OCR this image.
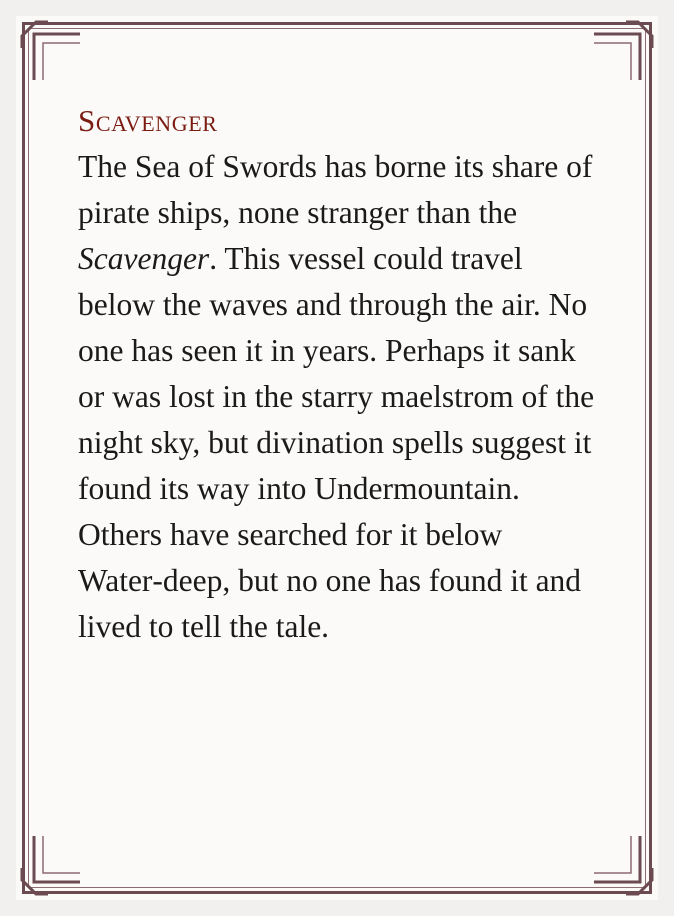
Scavenger

The Sea of Swords has borne its share of pirate ships, none stranger than the Scavenger. This vessel could travel below the waves and through the air. No one has seen it in years. Perhaps it sank or was lost in the starry maelstrom of the night sky, but divination spells suggest it found its way into Undermountain. Others have searched for it below Water‑deep, but no one has found it and lived to tell the tale.
